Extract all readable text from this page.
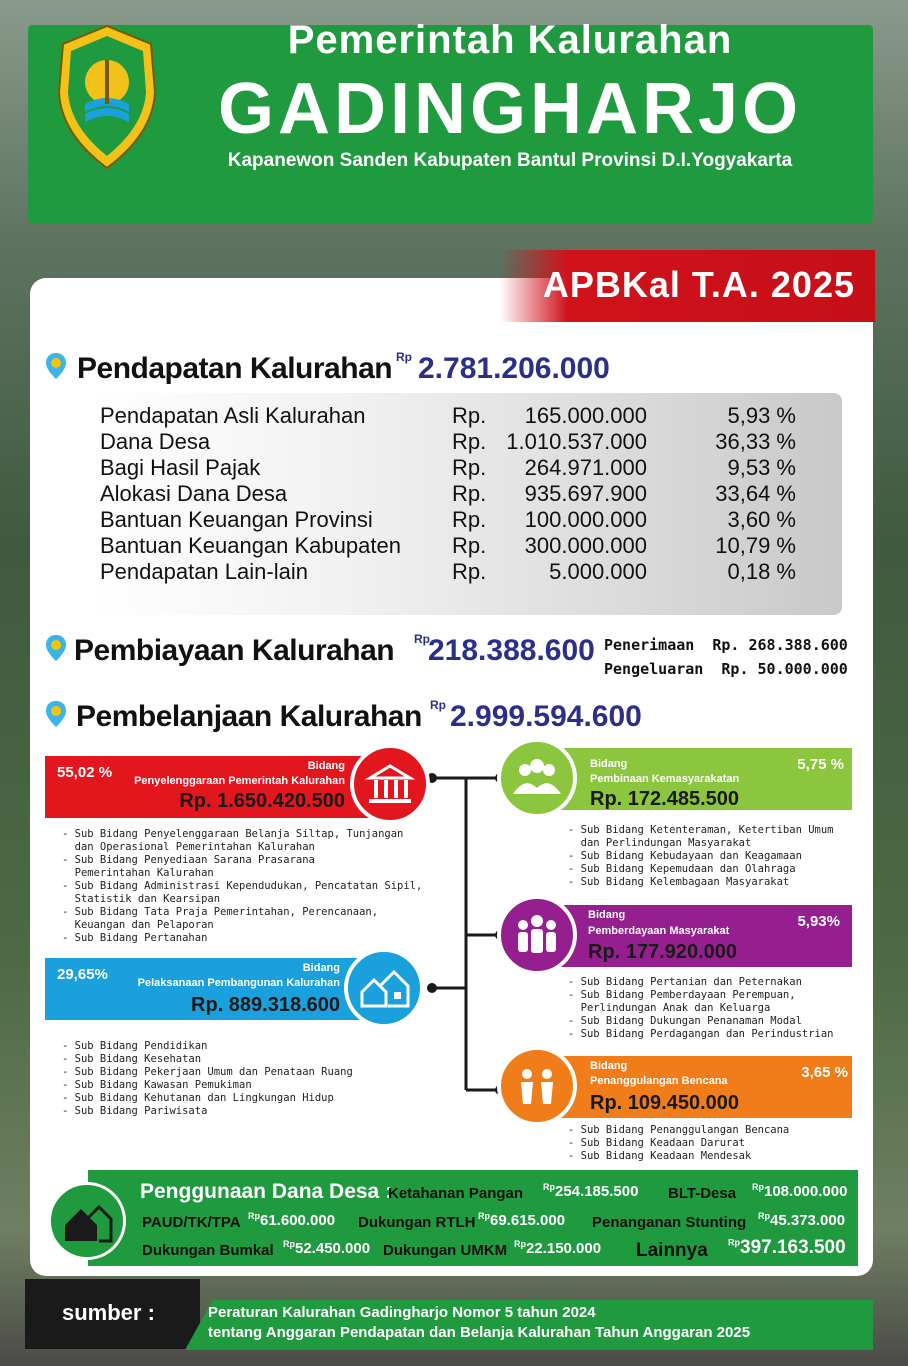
Pemerintah Kalurahan
GADINGHARJO
Kapanewon Sanden Kabupaten Bantul Provinsi D.I.Yogyakarta
APBKal T.A. 2025
Pendapatan Kalurahan Rp 2.781.206.000
Pendapatan Asli Kalurahan	Rp.	165.000.000	5,93 %
Dana Desa	Rp. 1.010.537.000	36,33 %
Bagi Hasil Pajak	Rp.	264.971.000	9,53 %
Alokasi Dana Desa	Rp.	935.697.900	33,64 %
Bantuan Keuangan Provinsi	Rp.	100.000.000	3,60 %
Bantuan Keuangan Kabupaten Rp.	300.000.000	10,79 %
Pendapatan Lain-lain	Rp.	5.000.000	0,18 %
Pembiayaan Kalurahan Rp
218.388.600 Penerimaan  Rp. 268.388.600
Pengeluaran  Rp. 50.000.000
Pembelanjaan Kalurahan Rp 2.999.594.600
55,02 %	Bidang
Penyelenggaraan Pemerintah Kalurahan
Rp. 1.650.420.500
- Sub Bidang Penyelenggaraan Belanja Siltap, Tunjangan
dan Operasional Pemerintahan Kalurahan
- Sub Bidang Penyediaan Sarana Prasarana
Pemerintahan Kalurahan
- Sub Bidang Administrasi Kependudukan, Pencatatan Sipil,
Statistik dan Kearsipan
- Sub Bidang Tata Praja Pemerintahan, Perencanaan,
Keuangan dan Pelaporan
- Sub Bidang Pertanahan
29,65%	Bidang
Pelaksanaan Pembangunan Kalurahan
Rp. 889.318.600
- Sub Bidang Pendidikan
- Sub Bidang Kesehatan
- Sub Bidang Pekerjaan Umum dan Penataan Ruang
- Sub Bidang Kawasan Pemukiman
- Sub Bidang Kehutanan dan Lingkungan Hidup
- Sub Bidang Pariwisata
5,75 %
Bidang
Pembinaan Kemasyarakatan
Rp. 172.485.500
- Sub Bidang Ketenteraman, Ketertiban Umum
dan Perlindungan Masyarakat
- Sub Bidang Kebudayaan dan Keagamaan
- Sub Bidang Kepemudaan dan Olahraga
- Sub Bidang Kelembagaan Masyarakat
5,93%
Bidang
Pemberdayaan Masyarakat
Rp. 177.920.000
- Sub Bidang Pertanian dan Peternakan
- Sub Bidang Pemberdayaan Perempuan,
Perlindungan Anak dan Keluarga
- Sub Bidang Dukungan Penanaman Modal
- Sub Bidang Perdagangan dan Perindustrian
3,65 %
Bidang
Penanggulangan Bencana
Rp. 109.450.000
- Sub Bidang Penanggulangan Bencana
- Sub Bidang Keadaan Darurat
- Sub Bidang Keadaan Mendesak
Penggunaan Dana Desa :
Ketahanan Pangan $^{Rp}$254.185.500 BLT-Desa $^{Rp}$108.000.000
PAUD/TK/TPA $^{Rp}$61.600.000 Dukungan RTLH $^{Rp}$69.615.000 Penanganan Stunting $^{Rp}$45.373.000
Dukungan Bumkal $^{Rp}$52.450.000 Dukungan UMKM $^{Rp}$22.150.000 Lainnya $^{Rp}$397.163.500
sumber :	Peraturan Kalurahan Gadingharjo Nomor 5 tahun 2024
tentang Anggaran Pendapatan dan Belanja Kalurahan Tahun Anggaran 2025
